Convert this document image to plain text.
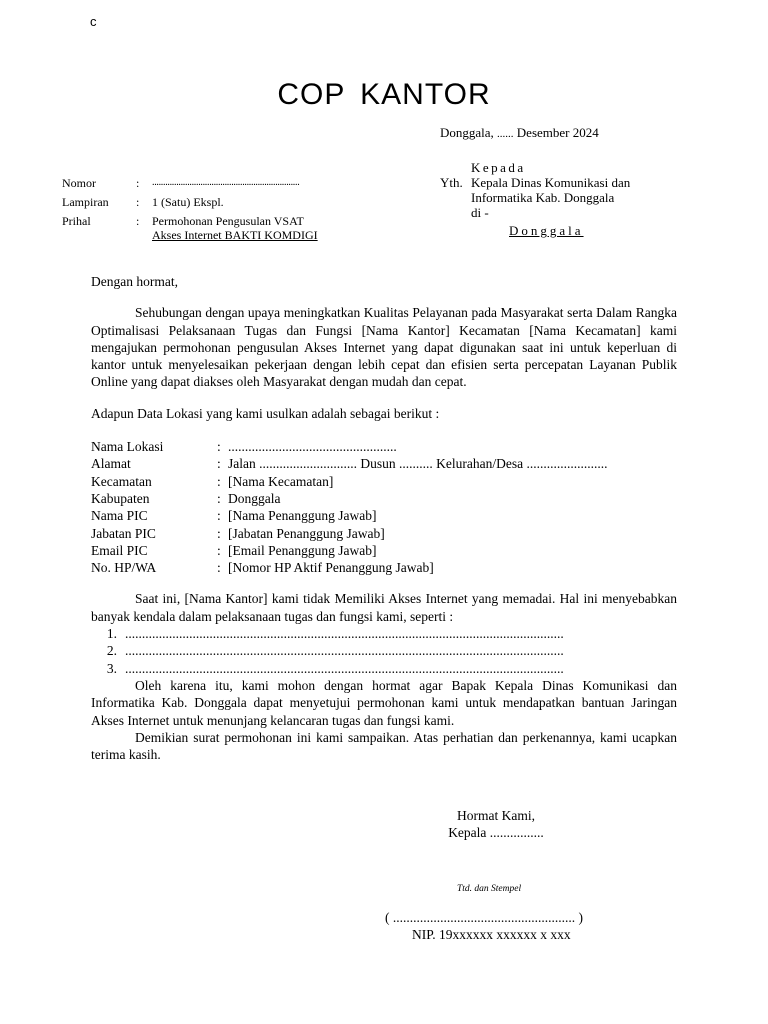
c
COP KANTOR
Donggala, ...... Desember 2024
Kepada
Yth. Kepala Dinas Komunikasi dan
Informatika Kab. Donggala
di -
Donggala
Nomor	:	...................................................................
Lampiran	:	1 (Satu) Ekspl.
Prihal	:	Permohonan Pengusulan VSAT
Akses Internet BAKTI KOMDIGI

Dengan hormat,

Sehubungan dengan upaya meningkatkan Kualitas Pelayanan pada Masyarakat serta Dalam Rangka Optimalisasi Pelaksanaan Tugas dan Fungsi [Nama Kantor] Kecamatan [Nama Kecamatan] kami mengajukan permohonan pengusulan Akses Internet yang dapat digunakan saat ini untuk keperluan di kantor untuk menyelesaikan pekerjaan dengan lebih cepat dan efisien serta percepatan Layanan Publik Online yang dapat diakses oleh Masyarakat dengan mudah dan cepat.

Adapun Data Lokasi yang kami usulkan adalah sebagai berikut :

Nama Lokasi	: ..................................................
Alamat	: Jalan ............................. Dusun .......... Kelurahan/Desa ........................
Kecamatan	: [Nama Kecamatan]
Kabupaten	: Donggala
Nama PIC	: [Nama Penanggung Jawab]
Jabatan PIC	: [Jabatan Penanggung Jawab]
Email PIC	: [Email Penanggung Jawab]
No. HP/WA	: [Nomor HP Aktif Penanggung Jawab]

Saat ini, [Nama Kantor] kami tidak Memiliki Akses Internet yang memadai. Hal ini menyebabkan banyak kendala dalam pelaksanaan tugas dan fungsi kami, seperti :

1. ..................................................................................................................................
2. ..................................................................................................................................
3. ..................................................................................................................................

Oleh karena itu, kami mohon dengan hormat agar Bapak Kepala Dinas Komunikasi dan Informatika Kab. Donggala dapat menyetujui permohonan kami untuk mendapatkan bantuan Jaringan Akses Internet untuk menunjang kelancaran tugas dan fungsi kami.

Demikian surat permohonan ini kami sampaikan. Atas perhatian dan perkenannya, kami ucapkan terima kasih.

Hormat Kami,
Kepala ................
Ttd. dan Stempel
( ...................................................... )
NIP. 19xxxxxx xxxxxx x xxx
